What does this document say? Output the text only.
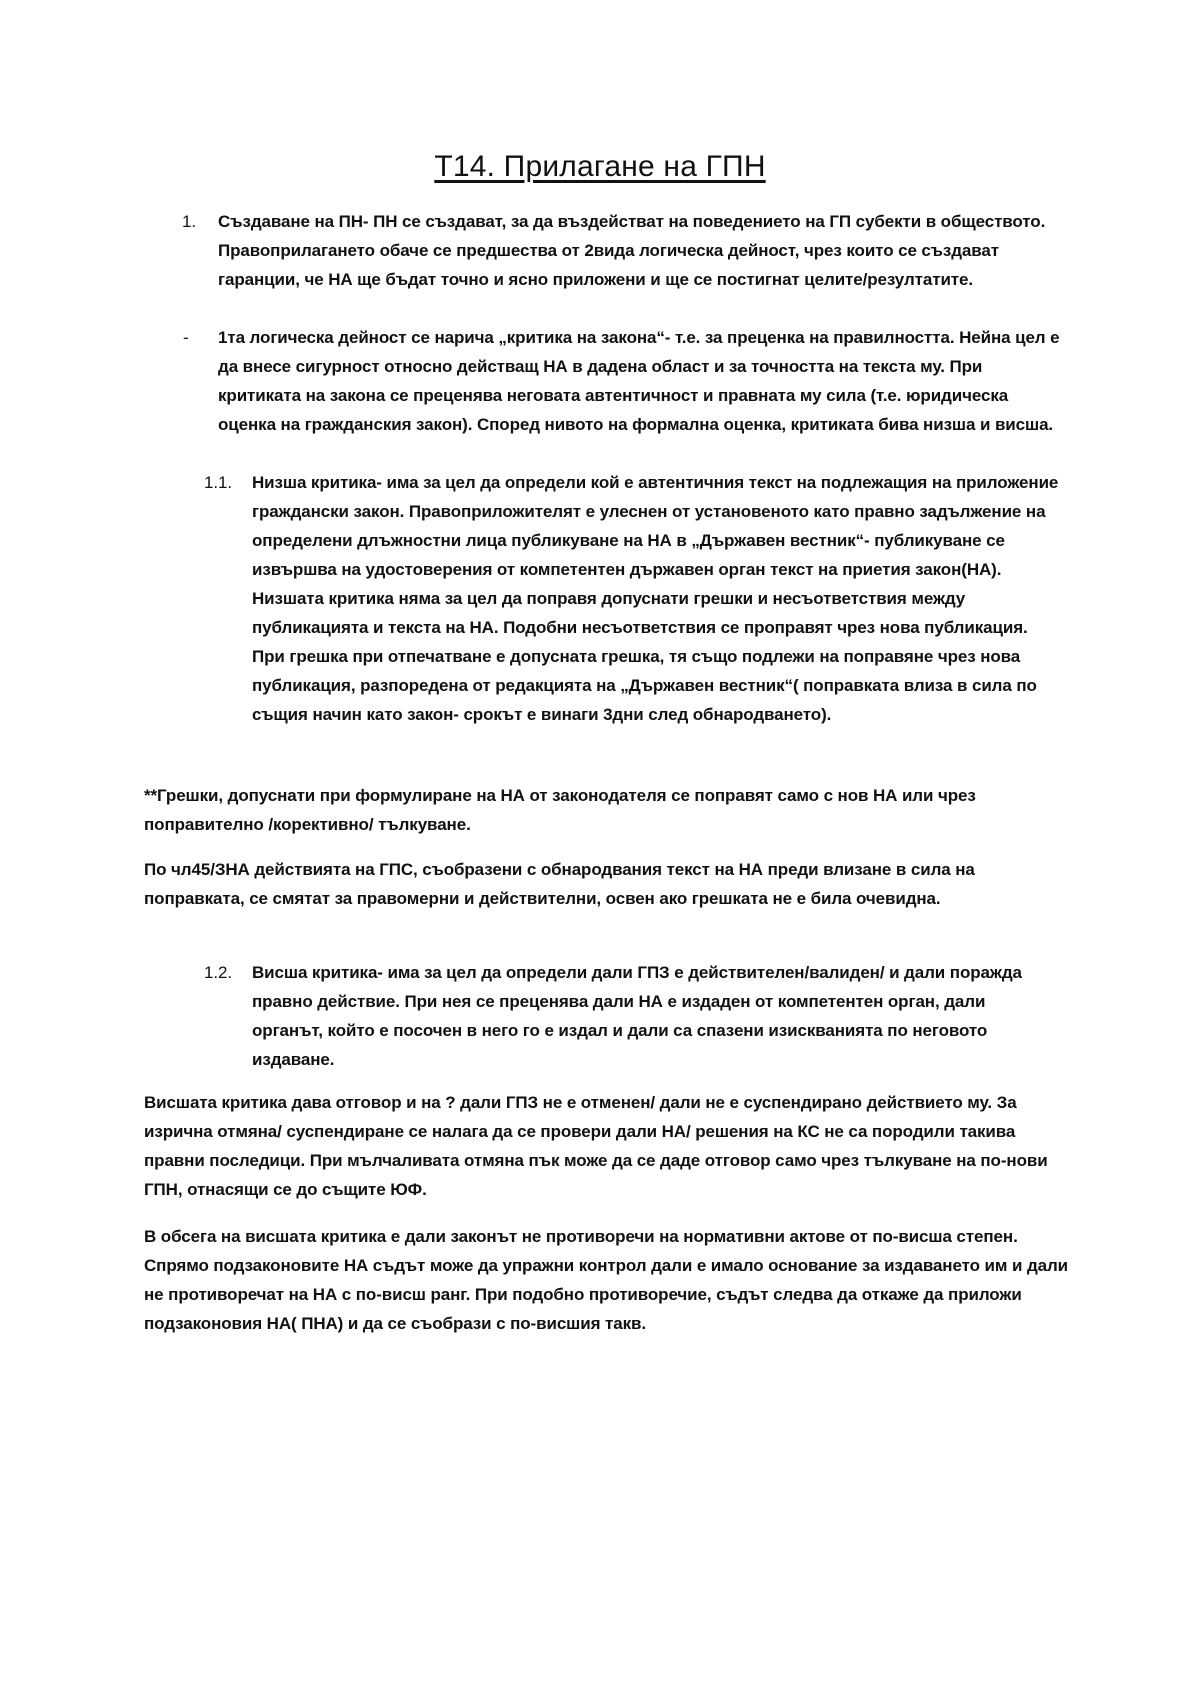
Т14. Прилагане на ГПН
1. Създаване на ПН- ПН се създават, за да въздействат на поведението на ГП субекти в обществото. Правоприлагането обаче се предшества от 2вида логическа дейност, чрез които се създават гаранции, че НА ще бъдат точно и ясно приложени и ще се постигнат целите/резултатите.
- 1та логическа дейност се нарича „критика на закона“- т.е. за преценка на правилността. Нейна цел е да внесе сигурност относно действащ НА в дадена област и за точността на текста му. При критиката на закона се преценява неговата автентичност и правната му сила (т.е. юридическа оценка на гражданския закон). Според нивото на формална оценка, критиката бива низша и висша.
1.1. Низша критика- има за цел да определи кой е автентичния текст на подлежащия на приложение граждански закон. Правоприложителят е улеснен от установеното като правно задължение на определени длъжностни лица публикуване на НА в „Държавен вестник“- публикуване се извършва на удостоверения от компетентен държавен орган текст на приетия закон(НА). Низшата критика няма за цел да поправя допуснати грешки и несъответствия между публикацията и текста на НА. Подобни несъответствия се пропрaвят чрез нова публикация. При грешка при отпечатване е допусната грешка, тя също подлежи на поправяне чрез нова публикация, разпоредена от редакцията на „Държавен вестник“( поправката влиза в сила по същия начин като закон- срокът е винаги 3дни след обнародването).
**Грешки, допуснати при формулиране на НА от законодателя се поправят само с нов НА или чрез поправително /корективно/ тълкуване.
По чл45/ЗНА действията на ГПС, съобразени с обнародвания текст на НА преди влизане в сила на поправката, се смятат за правомерни и действителни, освен ако грешката не е била очевидна.
1.2. Висша критика- има за цел да определи дали ГПЗ е действителен/валиден/ и дали поражда правно действие. При нея се преценява дали НА е издаден от компетентен орган, дали органът, който е посочен в него го е издал и дали са спазени изискванията по неговото издаване.
Висшата критика дава отговор и на ? дали ГПЗ не е отменен/ дали не е суспендирано действието му. За изрична отмяна/ суспендиране се налага да се провери дали НА/ решения на КС не са породили такива правни последици. При мълчаливата отмяна пък може да се даде отговор само чрез тълкуване на по-нови ГПН, отнасящи се до същите ЮФ.
В обсега на висшата критика е дали законът не противоречи на нормативни актове от по-висша степен. Спрямо подзаконовите НА съдът може да упражни контрол дали е имало основание за издаването им и дали не противоречат на НА с по-висш ранг. При подобно противоречие, съдът следва да откаже да приложи подзаконовия НА( ПНА) и да се съобрази с по-висшия такв.
